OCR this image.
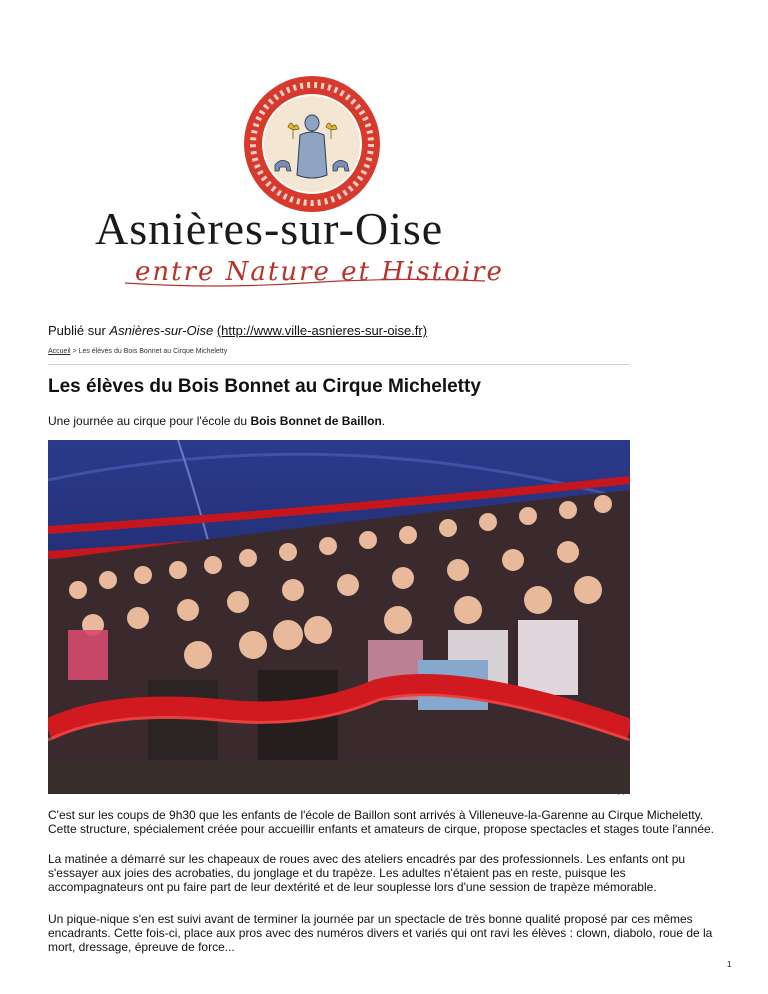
Asnières-sur-Oise
entre Nature et Histoire
Publié sur Asnières-sur-Oise (http://www.ville-asnieres-sur-oise.fr)
Accueil > Les élèves du Bois Bonnet au Cirque Micheletty
Les élèves du Bois Bonnet au Cirque Micheletty
Une journée au cirque pour l'école du Bois Bonnet de Baillon.
[1]

C'est sur les coups de 9h30 que les enfants de l'école de Baillon sont arrivés à Villeneuve-la-Garenne au Cirque Micheletty. Cette structure, spécialement créée pour accueillir enfants et amateurs de cirque, propose spectacles et stages toute l'année.

La matinée a démarré sur les chapeaux de roues avec des ateliers encadrés par des professionnels. Les enfants ont pu s'essayer aux joies des acrobaties, du jonglage et du trapèze. Les adultes n'étaient pas en reste, puisque les accompagnateurs ont pu faire part de leur dextérité et de leur souplesse lors d'une session de trapèze mémorable.

Un pique-nique s'en est suivi avant de terminer la journée par un spectacle de très bonne qualité proposé par ces mêmes encadrants. Cette fois-ci, place aux pros avec des numéros divers et variés qui ont ravi les élèves : clown, diabolo, roue de la mort, dressage, épreuve de force...

1
